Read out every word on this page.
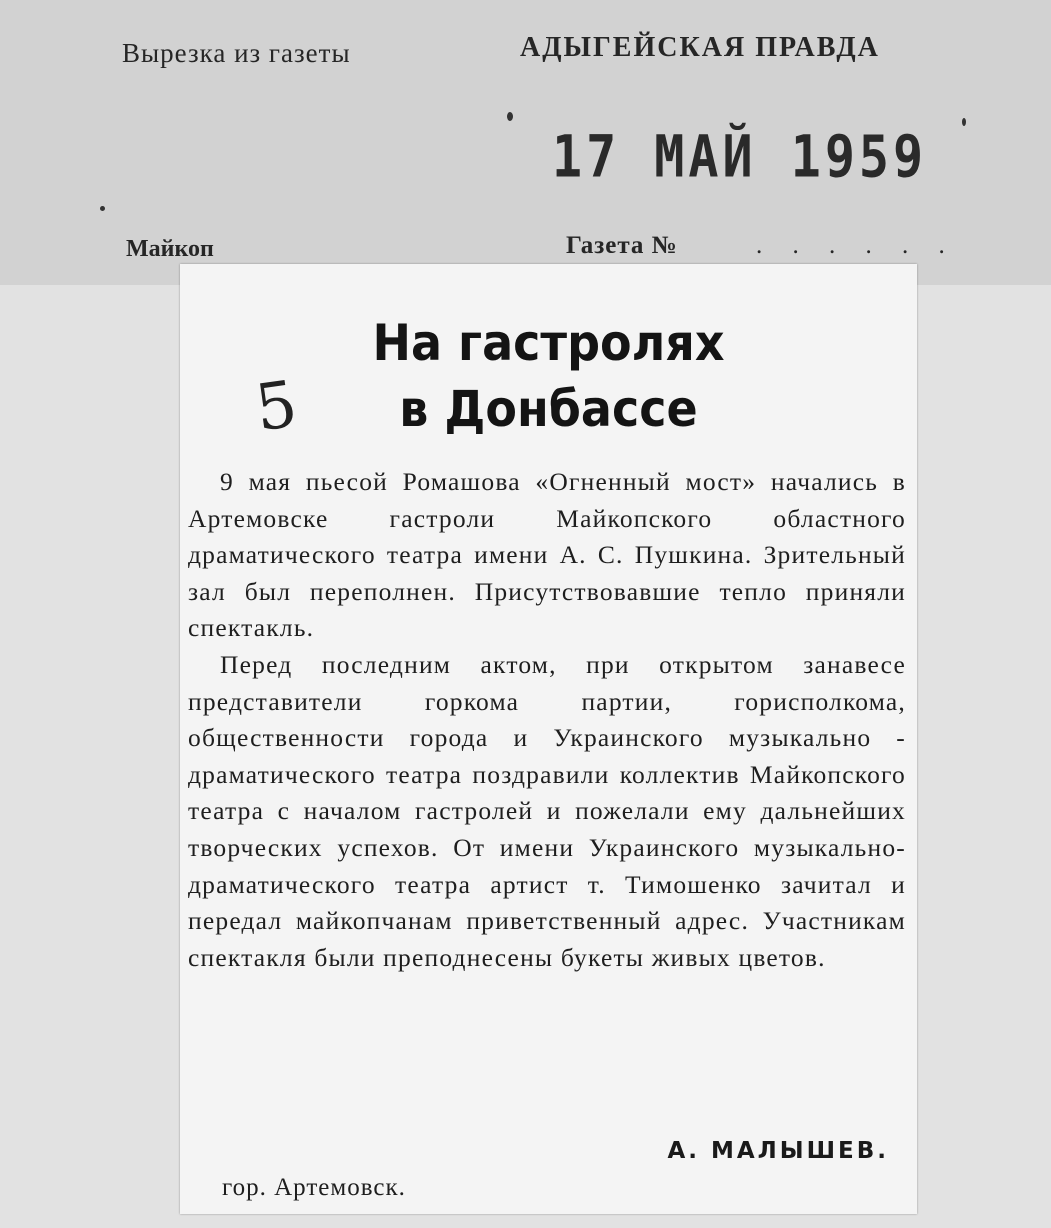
Вырезка из газеты	АДЫГЕЙСКАЯ ПРАВДА
17 МАЙ 1959
Майкоп	Газета №	. . . . . .
5
На гастролях
в Донбассе

9 мая пьесой Ромашова «Огненный мост» начались в Артемовске гастроли Майкопского областного драматического театра имени А. С. Пушкина. Зрительный зал был переполнен. Присутствовавшие тепло приняли спектакль.

Перед последним актом, при открытом занавесе представители горкома партии, горисполкома, общественности города и Украинского музыкально - драматического театра поздравили коллектив Майкопского театра с началом гастролей и пожелали ему дальнейших творческих успехов. От имени Украинского музыкально-драматического театра артист т. Тимошенко зачитал и передал майкопчанам приветственный адрес. Участникам спектакля были преподнесены букеты живых цветов.

А. МАЛЫШЕВ.
гор. Артемовск.
